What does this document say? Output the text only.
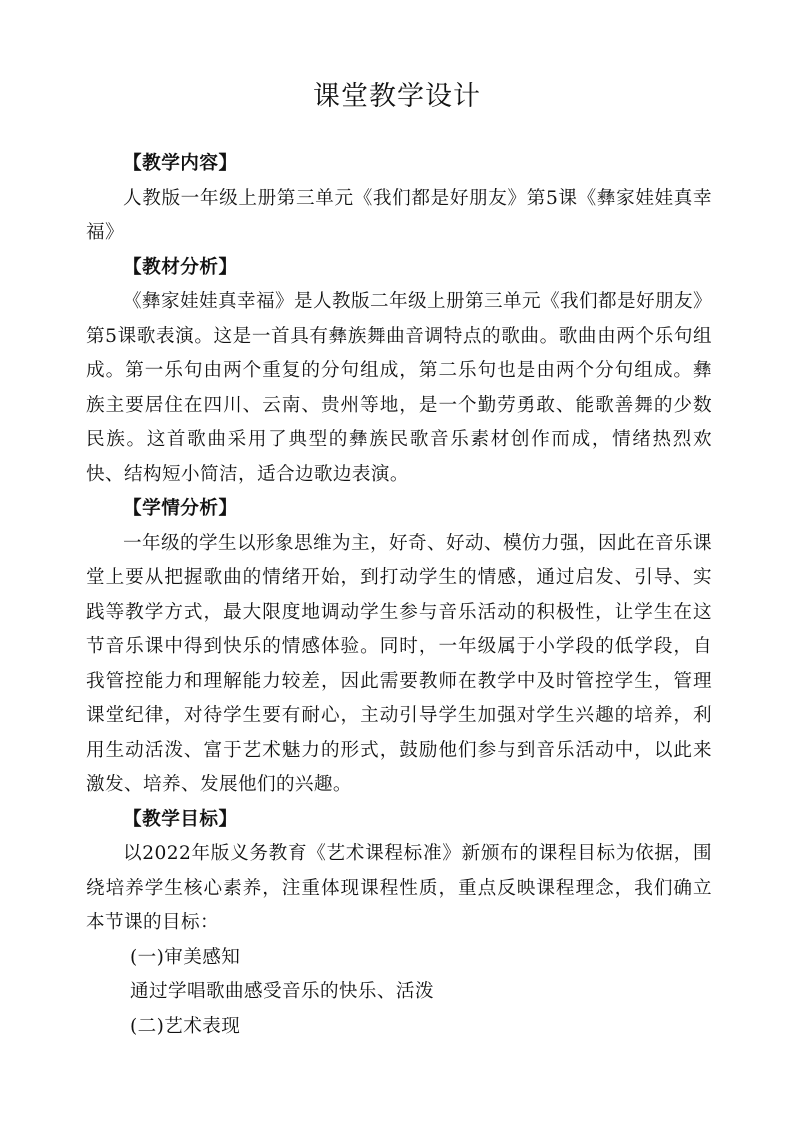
课堂教学设计
【教学内容】
人教版一年级上册第三单元《我们都是好朋友》第5课《彝家娃娃真幸福》
【教材分析】
《彝家娃娃真幸福》是人教版二年级上册第三单元《我们都是好朋友》第5课歌表演。这是一首具有彝族舞曲音调特点的歌曲。歌曲由两个乐句组成。第一乐句由两个重复的分句组成，第二乐句也是由两个分句组成。彝族主要居住在四川、云南、贵州等地，是一个勤劳勇敢、能歌善舞的少数民族。这首歌曲采用了典型的彝族民歌音乐素材创作而成，情绪热烈欢快、结构短小简洁，适合边歌边表演。
【学情分析】
一年级的学生以形象思维为主，好奇、好动、模仿力强，因此在音乐课堂上要从把握歌曲的情绪开始，到打动学生的情感，通过启发、引导、实践等教学方式，最大限度地调动学生参与音乐活动的积极性，让学生在这节音乐课中得到快乐的情感体验。同时，一年级属于小学段的低学段，自我管控能力和理解能力较差，因此需要教师在教学中及时管控学生，管理课堂纪律，对待学生要有耐心，主动引导学生加强对学生兴趣的培养，利用生动活泼、富于艺术魅力的形式，鼓励他们参与到音乐活动中，以此来激发、培养、发展他们的兴趣。
【教学目标】
以2022年版义务教育《艺术课程标准》新颁布的课程目标为依据，围绕培养学生核心素养，注重体现课程性质，重点反映课程理念，我们确立本节课的目标：
(一)审美感知
通过学唱歌曲感受音乐的快乐、活泼
(二)艺术表现
